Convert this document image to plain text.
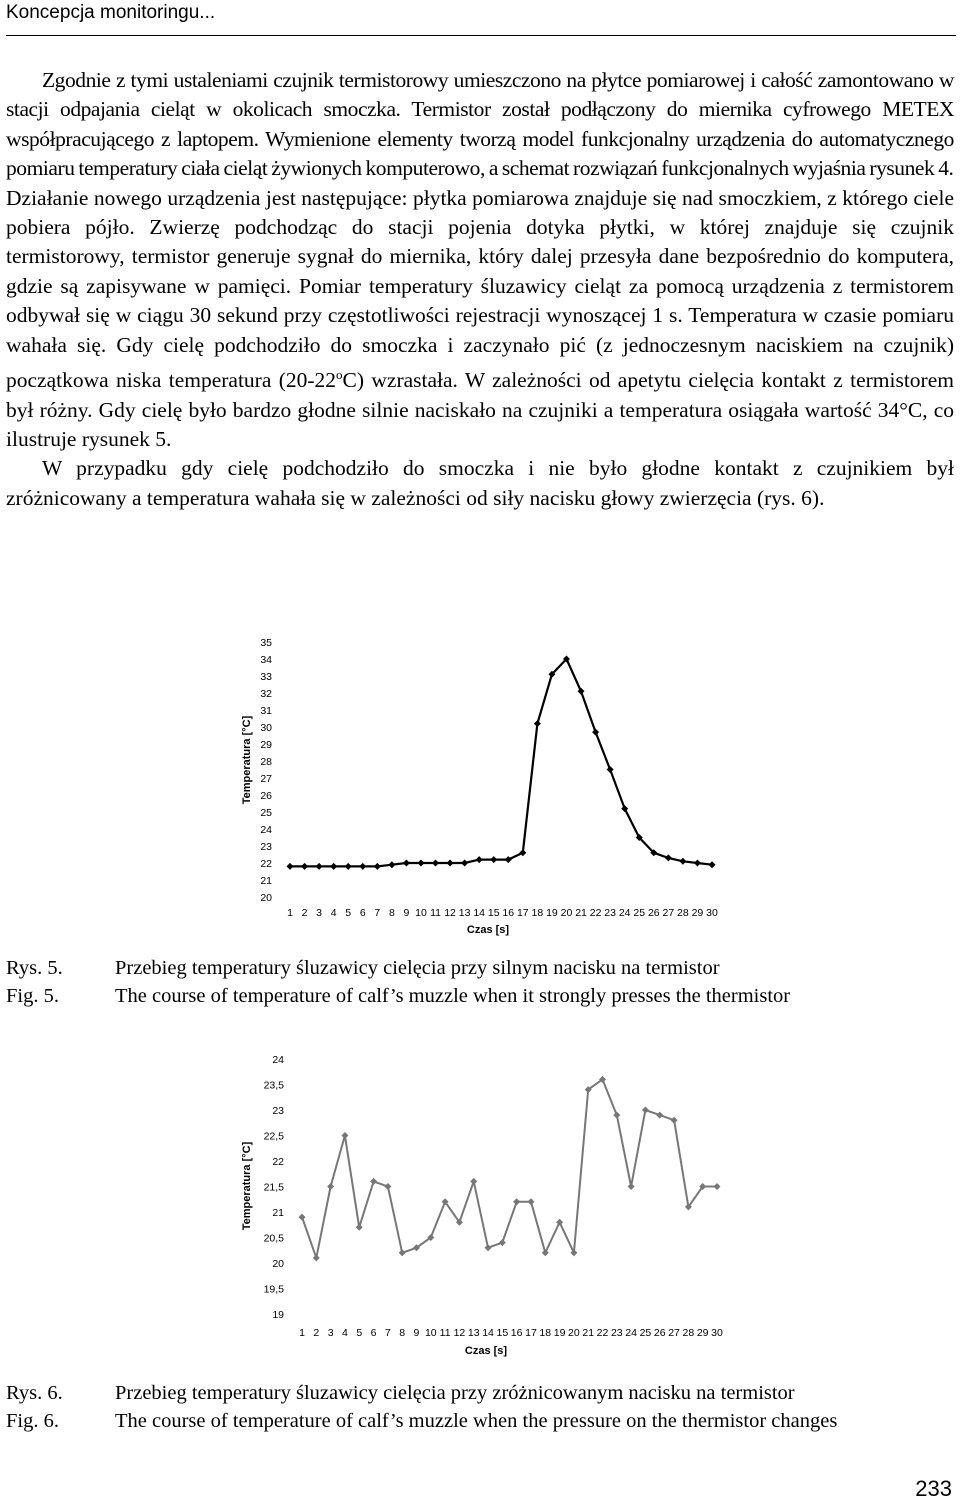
Koncepcja monitoringu...

Zgodnie z tymi ustaleniami czujnik termistorowy umieszczono na płytce pomiarowej i całość zamontowano w stacji odpajania cieląt w okolicach smoczka. Termistor został podłączony do miernika cyfrowego METEX współpracującego z laptopem. Wymienione elementy tworzą model funkcjonalny urządzenia do automatycznego pomiaru temperatury ciała cieląt żywionych komputerowo, a schemat rozwiązań funkcjonalnych wyjaśnia rysunek 4.

Działanie nowego urządzenia jest następujące: płytka pomiarowa znajduje się nad smoczkiem, z którego ciele pobiera pójło. Zwierzę podchodząc do stacji pojenia dotyka płytki, w której znajduje się czujnik termistorowy, termistor generuje sygnał do miernika, który dalej przesyła dane bezpośrednio do komputera, gdzie są zapisywane w pamięci. Pomiar temperatury śluzawicy cieląt za pomocą urządzenia z termistorem odbywał się w ciągu 30 sekund przy częstotliwości rejestracji wynoszącej 1 s. Temperatura w czasie pomiaru wahała się. Gdy cielę podchodziło do smoczka i zaczynało pić (z jednoczesnym naciskiem na czujnik) początkowa niska temperatura (20-22$^o$C) wzrastała. W zależności od apetytu cielęcia kontakt z termistorem był różny. Gdy cielę było bardzo głodne silnie naciskało na czujniki a temperatura osiągała wartość 34°C, co ilustruje rysunek 5.

W przypadku gdy cielę podchodziło do smoczka i nie było głodne kontakt z czujnikiem był zróżnicowany a temperatura wahała się w zależności od siły nacisku głowy zwierzęcia (rys. 6).

20
21
22
23
24
25
26
27
28
29
30
31
32
33
34
35
1 2 3 4 5 6 7 8 9 10 11 12 13 14 15 16 17 18 19 20 21 22 23 24 25 26 27 28 29 30
Czas [s]
Temperatura [°C]
Rys. 5.	Przebieg temperatury śluzawicy cielęcia przy silnym nacisku na termistor
Fig. 5.	The course of temperature of calf’s muzzle when it strongly presses the thermistor
19
19,5
20
20,5
21
21,5
22
22,5
23
23,5
24
1 2 3 4 5 6 7 8 9 10 11 12 13 14 15 16 17 18 19 20 21 22 23 24 25 26 27 28 29 30
Czas [s]
Temperatura [°C]
Rys. 6.	Przebieg temperatury śluzawicy cielęcia przy zróżnicowanym nacisku na termistor
Fig. 6.	The course of temperature of calf’s muzzle when the pressure on the thermistor changes
233
